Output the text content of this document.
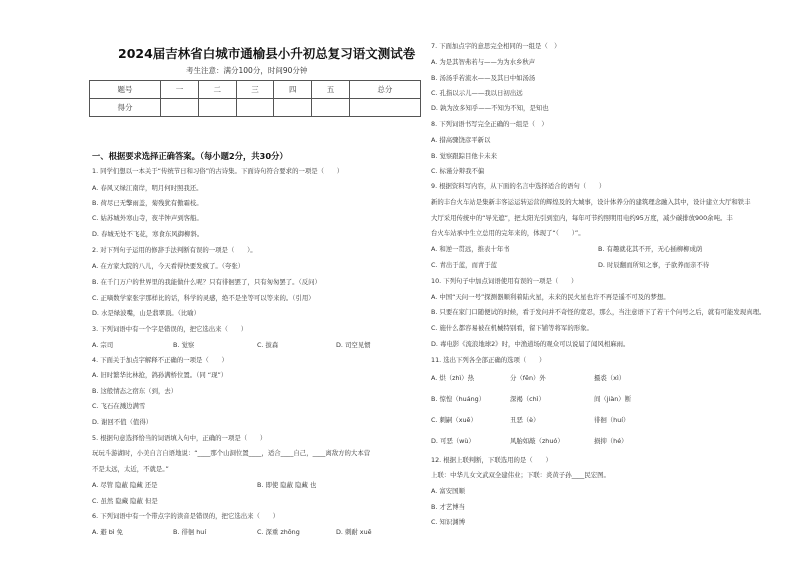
2024届吉林省白城市通榆县小升初总复习语文测试卷
考生注意：满分100分，时间90分钟
题号	一	二	三	四	五	总分
得分						
一、根据要求选择正确答案。（每小题2分，共30分）
1. 同学们想以一本关于“传统节日和习俗”的古诗集。下面诗句符合要求的一项是（　　）
A. 春风又绿江南岸，明月何时照我还。
B. 荷尽已无擎雨盖，菊残犹有傲霜枝。
C. 姑苏城外寒山寺，夜半钟声到客船。
D. 春城无处不飞花，寒食东风御柳斜。
2. 对下列句子运用的修辞手法判断有误的一项是（　　）。
A. 在方家大院的八儿，今天看得快要发疯了。（夸张）
B. 在千门万户的世界里的我能做什么呢？只有徘徊罢了，只有匆匆罢了。（反问）
C. 正嘀数学家张宇那样比的话，科学的灵感，绝不是坐等可以等来的。（引用）
D. 水是绿波嘴，山是翡翠顶。（比喻）
3. 下列词语中有一个字是错误的，把它选出来（　　）
A. 宗司	B. 觉察	C. 拔森	D. 司空见惯
4. 下面关于加点字解释不正确的一项是（　　）
A. 旧时繁华比林抢，鸽孙满桥位置。（同 “现”）
B. 这般情态之宿东（到，去）
C. 飞石在溅边满雪
D. 谢回不值（值得）
5. 根据句意选择恰当的词语填入句中，正确的一项是（　　）
玩玩斗游湖时，小美自言自语地说：“____那个山洞位置____，适合____自己，____离敌方的大本营
不是太远，太近，不就是。”
A. 尽管 隐蔽 隐藏 还是	B. 即使 隐蔽 隐藏 也
C. 虽然 隐藏 隐蔽 但是
6. 下列词语中有一个带点字的读音是错误的，把它选出来（　　）
A. 避 bì 免	B. 徘徊 huí	C. 深重 zhōng	D. 刺耐 xuē
7. 下面加点字的意思完全相同的一组是（　）
A. 为是其智弗若与——为为水乡秋声
B. 汤汤乎若流水——及其日中如汤汤
C. 孔指以示儿——我以日初出远
D. 孰为汝多知乎——不知为不知，是知也
8. 下列词语书写完全正确的一组是（　）
A. 措高骤饶彦平新以
B. 觉察跟踪目他卡未来
C. 标谨分辩我不偏
9. 根据资料写内容，从下面的名言中选择适合的语句（　　）
新的丰台火车站是集新丰客运运转运营的辉煌及的大城事，设计体养分的建筑理念融入其中，设计建立大厅和铁丰
大厅采用传统中的“导光遮”，把太阳光引到室内，每年可节约照明用电约95万度，减少碳排放900余吨。丰
台火车站承中生立总用的完年来的，体现了“（　　）”。
A. 和逆一贯远，推表十年书	B. 有趣就花其不开，无心插柳柳成荫
C. 青出于蓝，而青于蓝	D. 时辰翻而所知之事，子欲养而亲不待
10. 下列句子中加点词语使用有误的一项是（　　）
A. 中国“天问一号”探测器顺利着陆火星，未来的民火星也许不再是遥不可及的梦想。
B. 只要在家门口随便试的时候，看于发问并不奇怪的宽忍，那么，当注意语下了若干个问号之后，就有可能发现真理。
C. 施什么都容易被在机械特别看，留下铺等将军的形象。
D. 毒电影《流浪地球2》时，中渔道场的观众可以说届了闻风相麻雨。
11. 选出下列各全部正确的选项（　　）
A. 烘（zhì）热	分（fēn）外	摄裘（xì）
B. 惊惶（huáng）	深褐（chì）	间（jiàn）断
C. 刺嗣（xuē）	丑恶（è）	徘徊（huí）
D. 可恶（wù）	风胎如敲（zhuó）	损抑（hé）
12. 根据上联判断，下联选用的是（　　）
上联：中华儿女文武双全建伟业；下联：炎黄子孙____民宏图。
A. 富安国顺
B. 才艺博当
C. 知识渊博
